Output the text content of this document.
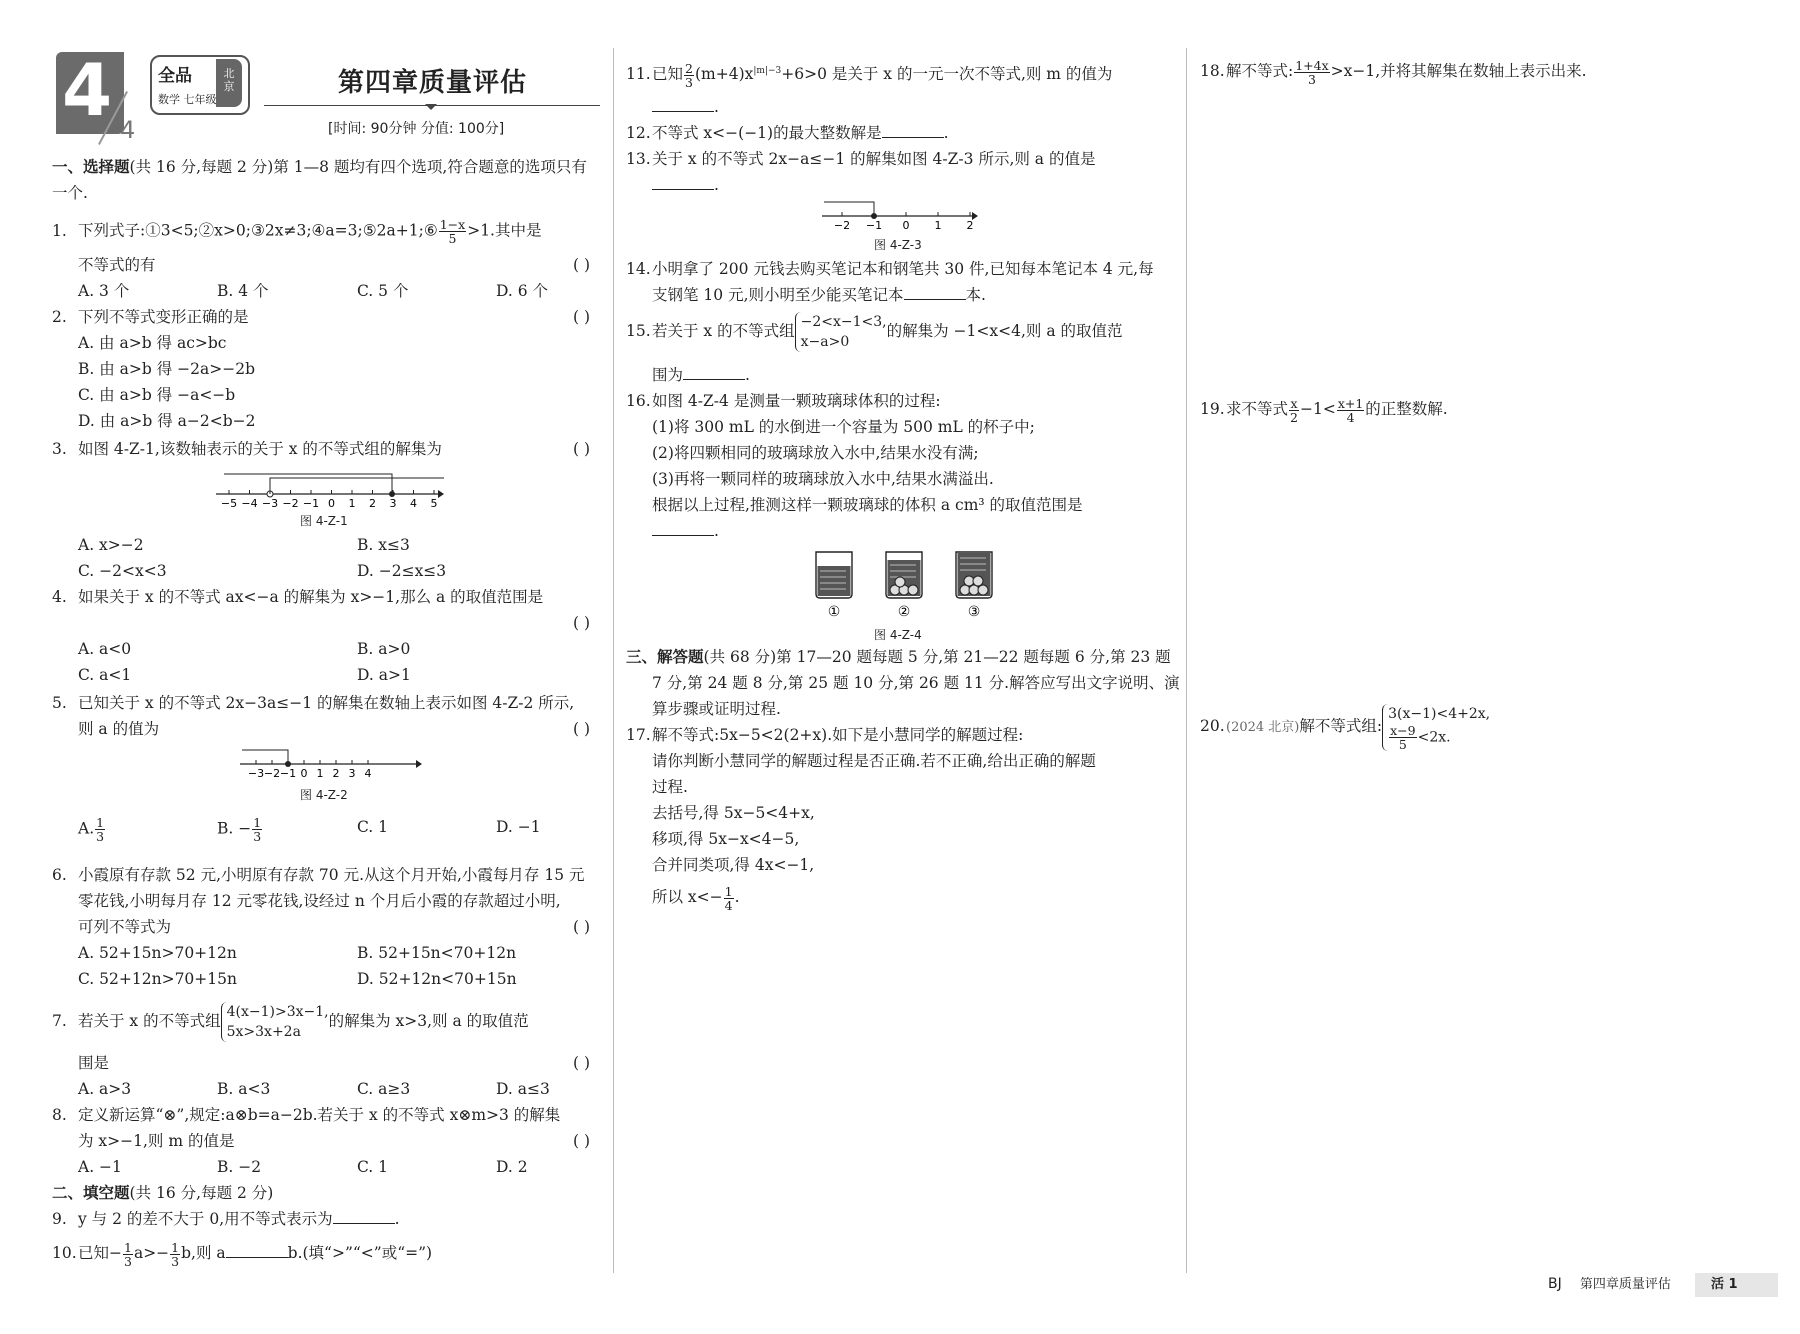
4 4
全品
数学 七年级
北
京	第四章质量评估
[时间: 90分钟 分值: 100分]
一、选择题(共 16 分,每题 2 分)第 1—8 题均有四个选项,符合题意的选项只有
一个.
1. 下列式子:①3<5;②x>0;③2x≠3;④a=3;⑤2a+1;⑥ $\frac{1-x}{5} >1$.其中是
不等式的有	( )
A. 3 个	B. 4 个	C. 5 个	D. 6 个
2. 下列不等式变形正确的是	( )
A. 由 a>b 得 ac>bc
B. 由 a>b 得 −2a>−2b
C. 由 a>b 得 −a<−b
D. 由 a>b 得 a−2<b−2
3. 如图 4-Z-1,该数轴表示的关于 x 的不等式组的解集为	( )
−5 −4 −3 −2 −1 0 1 2 3 4 5
图 4-Z-1
A. x>−2	B. x≤3
C. −2<x<3	D. −2≤x≤3
4. 如果关于 x 的不等式 ax<−a 的解集为 x>−1,那么 a 的取值范围是
( )
A. a<0	B. a>0
C. a<1	D. a>1
5. 已知关于 x 的不等式 2x−3a≤−1 的解集在数轴上表示如图 4-Z-2 所示,
则 a 的值为	( )
−3 −2 −1 0 1 2 3 4
图 4-Z-2
A. $\frac{1}{3}$	B. − $\frac{1}{3}$	C. 1	D. −1
6. 小霞原有存款 52 元,小明原有存款 70 元.从这个月开始,小霞每月存 15 元
零花钱,小明每月存 12 元零花钱,设经过 n 个月后小霞的存款超过小明,
可列不等式为	( )
A. 52+15n>70+12n	B. 52+15n<70+12n
C. 52+12n>70+15n	D. 52+12n<70+15n
7. 若关于 x 的不等式组 4(x−1)>3x−1,
5x>3x+2a
的解集为 x>3,则 a 的取值范
围是	( )
A. a>3	B. a<3	C. a≥3	D. a≤3
8. 定义新运算“⊗”,规定:a⊗b=a−2b.若关于 x 的不等式 x⊗m>3 的解集
为 x>−1,则 m 的值是	( )
A. −1	B. −2	C. 1	D. 2
二、填空题(共 16 分,每题 2 分)
9. y 与 2 的差不大于 0,用不等式表示为	.
10.已知− $\frac{1}{3} a>- \frac{1}{3} b$,则 a	b.(填“>”“<”或“=”)
11.已知 $\frac{2}{3} (m+4)x^{|m|-3}+6>0$ 是关于 x 的一元一次不等式,则 m 的值为
.
12.不等式 x<−(−1)的最大整数解是	.
13.关于 x 的不等式 2x−a≤−1 的解集如图 4-Z-3 所示,则 a 的值是
.
−2 −1 0 1 2
图 4-Z-3
14.小明拿了 200 元钱去购买笔记本和钢笔共 30 件,已知每本笔记本 4 元,每
支钢笔 10 元,则小明至少能买笔记本	本.
15.若关于 x 的不等式组 −2<x−1<3,
x−a>0
的解集为 −1<x<4,则 a 的取值范
围为	.
16.如图 4-Z-4 是测量一颗玻璃球体积的过程:
(1)将 300 mL 的水倒进一个容量为 500 mL 的杯子中;
(2)将四颗相同的玻璃球放入水中,结果水没有满;
(3)再将一颗同样的玻璃球放入水中,结果水满溢出.
根据以上过程,推测这样一颗玻璃球的体积 a cm³ 的取值范围是
.
①	②	③
图 4-Z-4
三、解答题(共 68 分)第 17—20 题每题 5 分,第 21—22 题每题 6 分,第 23 题
7 分,第 24 题 8 分,第 25 题 10 分,第 26 题 11 分.解答应写出文字说明、演
算步骤或证明过程.
17.解不等式:5x−5<2(2+x).如下是小慧同学的解题过程:
请你判断小慧同学的解题过程是否正确.若不正确,给出正确的解题
过程.
去括号,得 5x−5<4+x,
移项,得 5x−x<4−5,
合并同类项,得 4x<−1,
所以 $x<- \frac{1}{4}$ .
18.解不等式: $\frac{1+4x}{3} >x-1$,并将其解集在数轴上表示出来.
19.求不等式 $\frac{x}{2} -1< \frac{x+1}{4}$ 的正整数解.
20.(2024 北京)解不等式组:
3(x−1)<4+2x,
$\frac{x-9}{5} <2x$.
BJ 第四章质量评估	活 1
